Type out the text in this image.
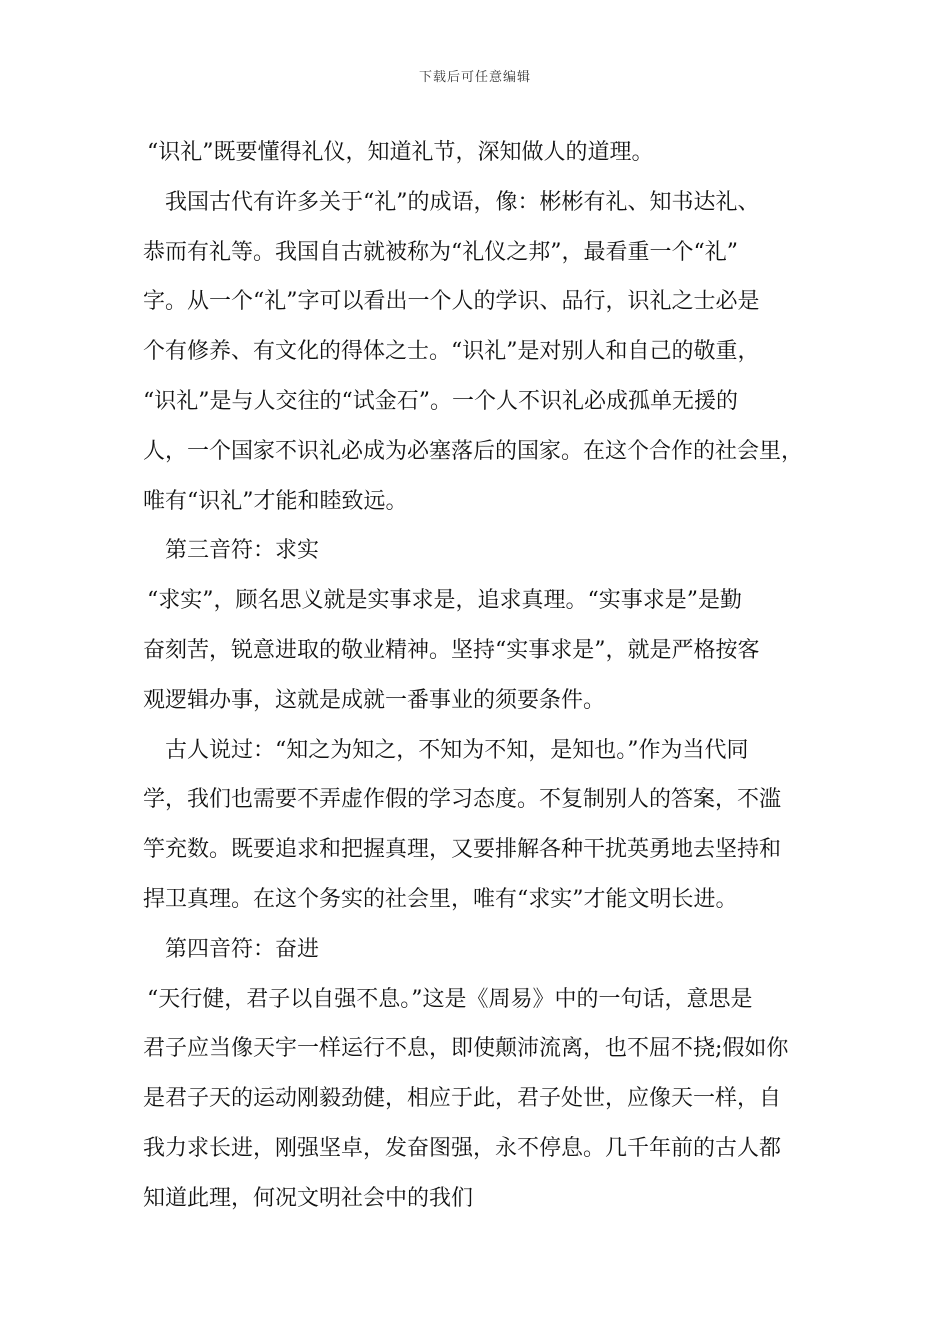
下载后可任意编辑

“识礼”既要懂得礼仪，知道礼节，深知做人的道理。

我国古代有许多关于“礼”的成语，像：彬彬有礼、知书达礼、

恭而有礼等。我国自古就被称为“礼仪之邦”，最看重一个“礼”

字。从一个“礼”字可以看出一个人的学识、品行，识礼之士必是

个有修养、有文化的得体之士。“识礼”是对别人和自己的敬重，

“识礼”是与人交往的“试金石”。一个人不识礼必成孤单无援的

人，一个国家不识礼必成为必塞落后的国家。在这个合作的社会里，

唯有“识礼”才能和睦致远。

第三音符：求实

“求实”，顾名思义就是实事求是，追求真理。“实事求是”是勤

奋刻苦，锐意进取的敬业精神。坚持“实事求是”，就是严格按客

观逻辑办事，这就是成就一番事业的须要条件。

古人说过：“知之为知之，不知为不知，是知也。”作为当代同

学，我们也需要不弄虚作假的学习态度。不复制别人的答案，不滥

竽充数。既要追求和把握真理，又要排解各种干扰英勇地去坚持和

捍卫真理。在这个务实的社会里，唯有“求实”才能文明长进。

第四音符：奋进

“天行健，君子以自强不息。”这是《周易》中的一句话，意思是

君子应当像天宇一样运行不息，即使颠沛流离，也不屈不挠;假如你

是君子天的运动刚毅劲健，相应于此，君子处世，应像天一样，自

我力求长进，刚强坚卓，发奋图强，永不停息。几千年前的古人都

知道此理，何况文明社会中的我们
